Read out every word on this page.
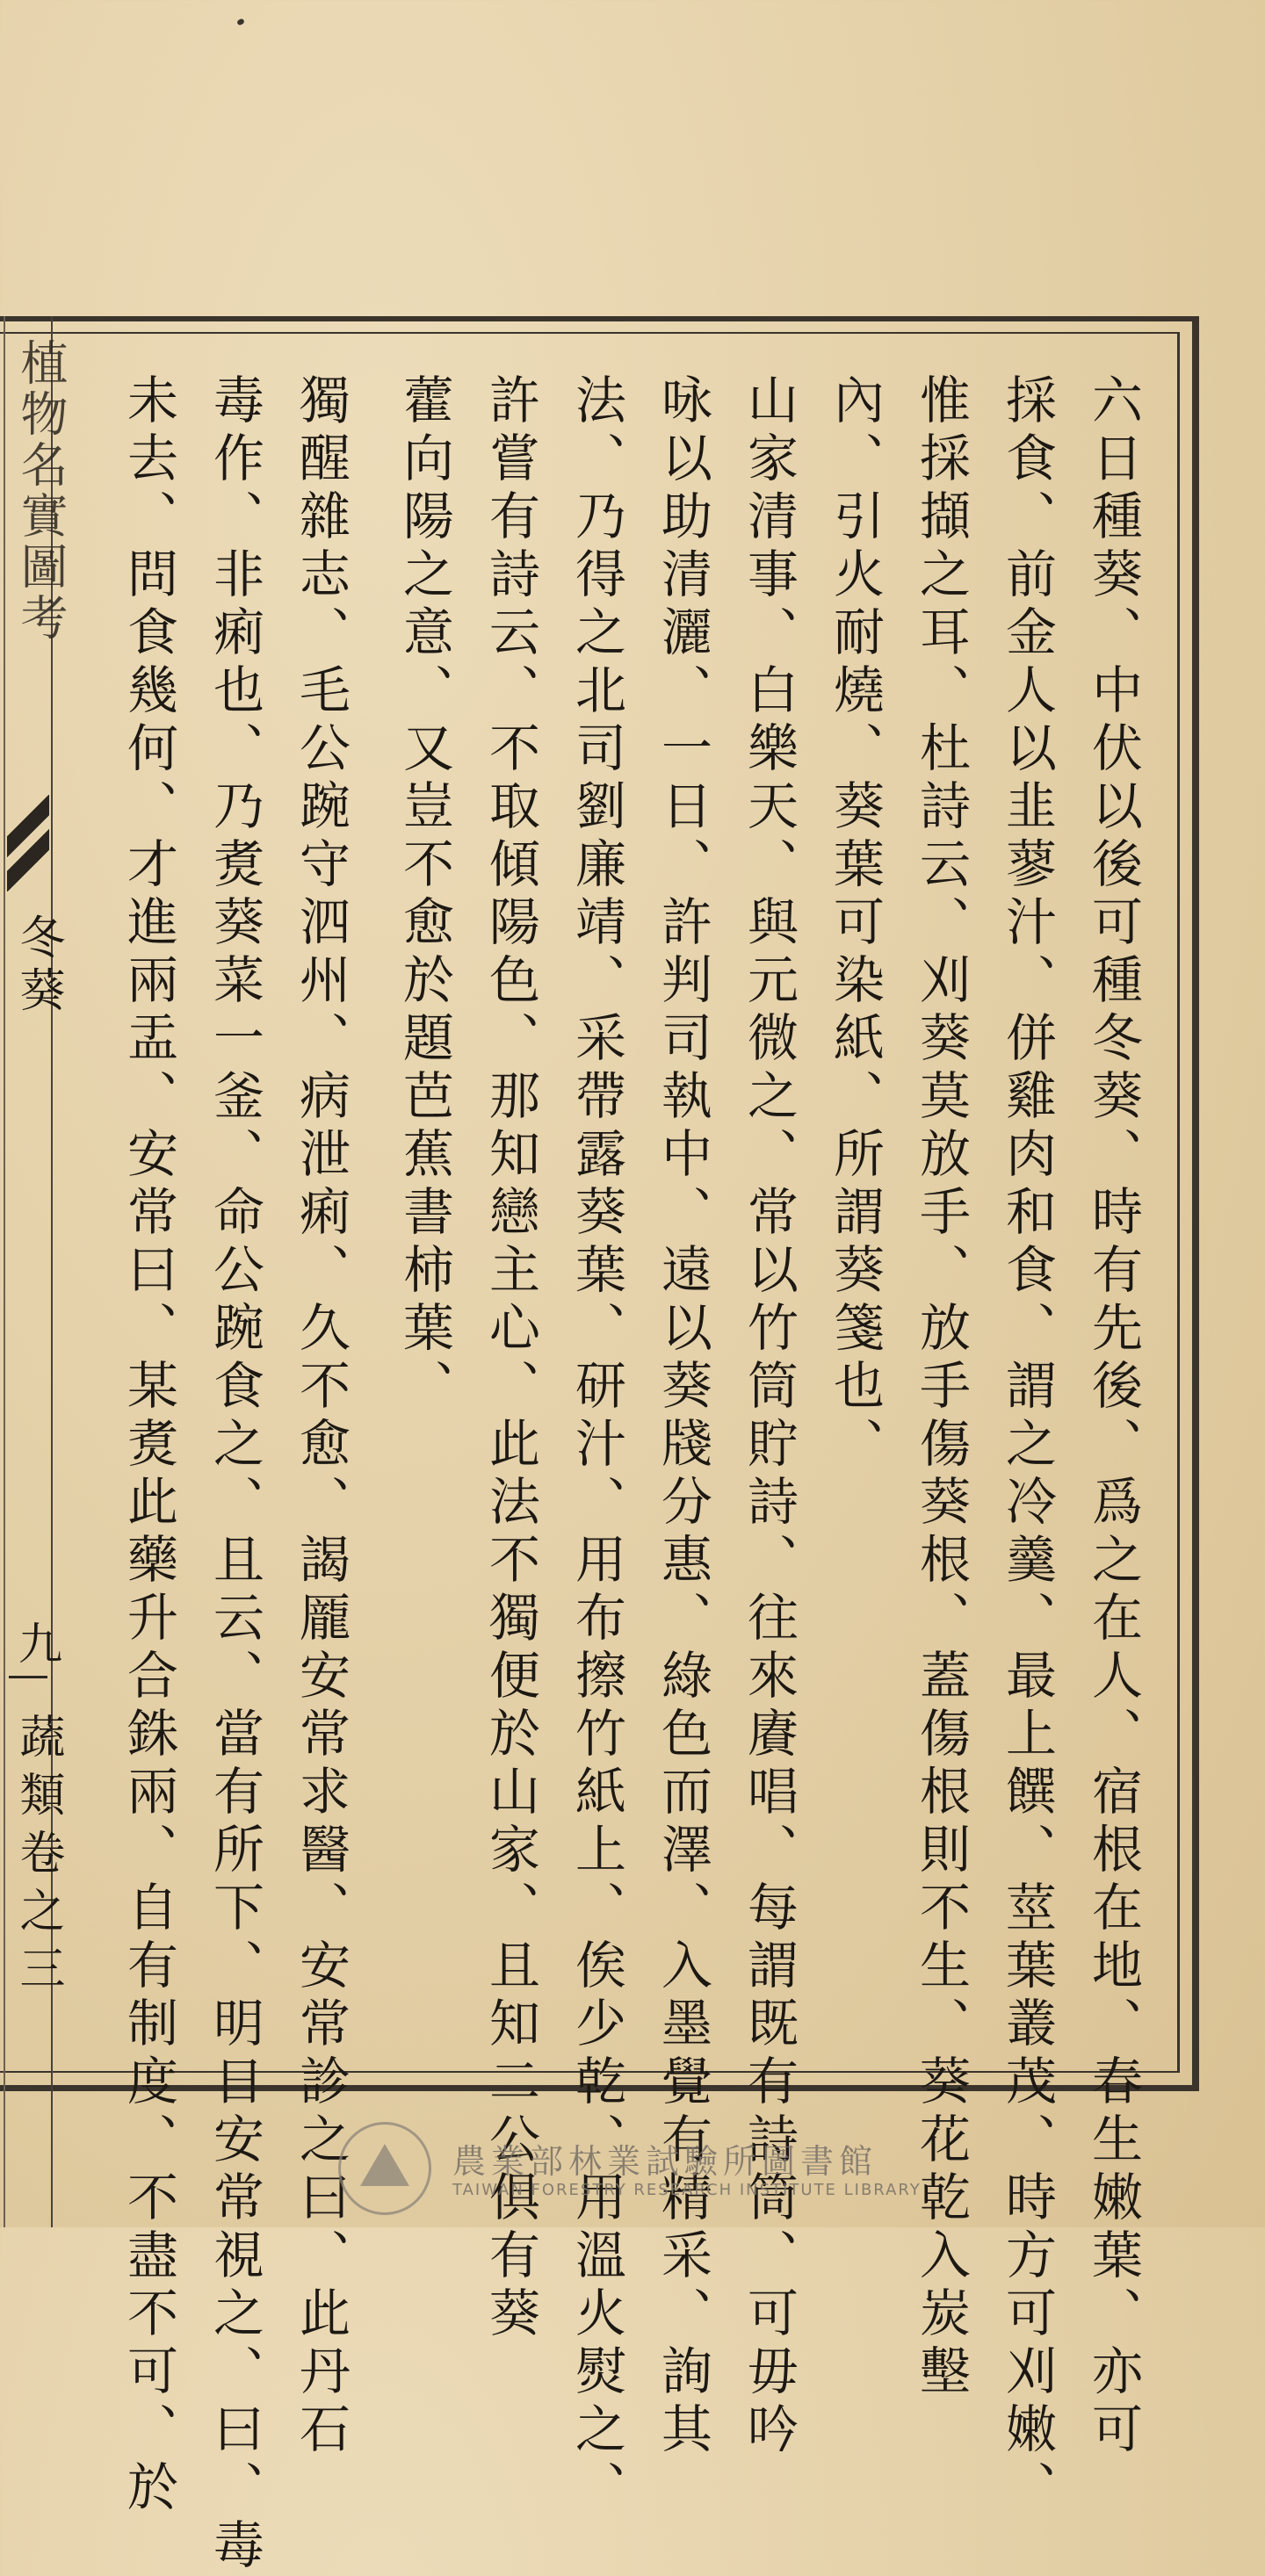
植物名實圖考
冬葵
九
蔬類卷之三	六日種葵、中伏以後可種冬葵、時有先後、爲之在人、宿根在地、春生嫩葉、亦可
採食、前金人以韭蓼汁、併雞肉和食、謂之冷羹、最上饌、莖葉叢茂、時方可刈嫩、
惟採擷之耳、杜詩云、刈葵莫放手、放手傷葵根、蓋傷根則不生、葵花乾入炭墼
內、引火耐燒、葵葉可染紙、所謂葵箋也、
山家清事、白樂天、與元微之、常以竹筒貯詩、往來賡唱、每謂既有詩筒、可毋吟
咏以助清灑、一日、許判司執中、遠以葵牋分惠、綠色而澤、入墨覺有精采、詢其
法、乃得之北司劉廉靖、采帶露葵葉、研汁、用布擦竹紙上、俟少乾、用溫火熨之、
許嘗有詩云、不取傾陽色、那知戀主心、此法不獨便於山家、且知二公俱有葵
藿向陽之意、又豈不愈於題芭蕉書柿葉、
獨醒雜志、毛公踠守泗州、病泄痢、久不愈、謁龎安常求醫、安常診之曰、此丹石
毒作、非痢也、乃煑葵菜一釜、命公踠食之、且云、當有所下、明日安常視之、曰、毒
未去、問食幾何、才進兩盂、安常曰、某煑此藥升合銖兩、自有制度、不盡不可、於	農業部林業試驗所圖書館
TAIWAN FORESTRY RESEARCH INSTITUTE LIBRARY
